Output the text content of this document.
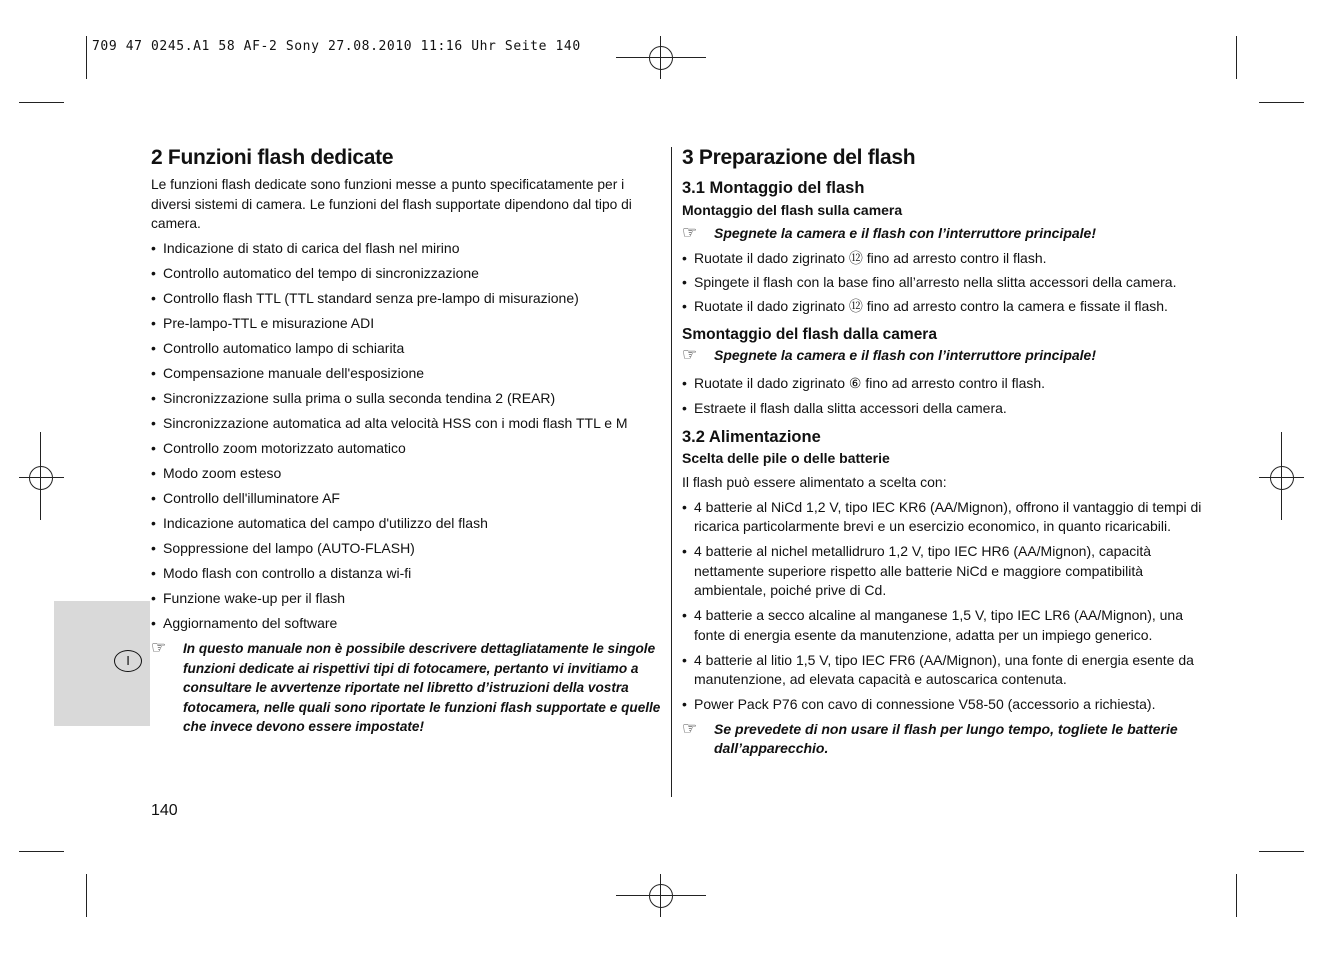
709 47 0245.A1 58 AF-2 Sony 27.08.2010 11:16 Uhr Seite 140
I
2 Funzioni flash dedicate

Le funzioni flash dedicate sono funzioni messe a punto specificatamente per i diversi sistemi di camera. Le funzioni del flash supportate dipendono dal tipo di camera.

• Indicazione di stato di carica del flash nel mirino
• Controllo automatico del tempo di sincronizzazione
• Controllo flash TTL (TTL standard senza pre-lampo di misurazione)
• Pre-lampo-TTL e misurazione ADI
• Controllo automatico lampo di schiarita
• Compensazione manuale dell'esposizione
• Sincronizzazione sulla prima o sulla seconda tendina 2 (REAR)
• Sincronizzazione automatica ad alta velocità HSS con i modi flash TTL e M
• Controllo zoom motorizzato automatico
• Modo zoom esteso
• Controllo dell'illuminatore AF
• Indicazione automatica del campo d'utilizzo del flash
• Soppressione del lampo (AUTO-FLASH)
• Modo flash con controllo a distanza wi-fi
• Funzione wake-up per il flash
• Aggiornamento del software
☞ In questo manuale non è possibile descrivere dettagliatamente le singole funzioni dedicate ai rispettivi tipi di fotocamere, pertanto vi invitiamo a consultare le avvertenze riportate nel libretto d’istruzioni della vostra fotocamera, nelle quali sono riportate le funzioni flash supportate e quelle che invece devono essere impostate!
3 Preparazione del flash
3.1 Montaggio del flash
Montaggio del flash sulla camera
☞ Spegnete la camera e il flash con l’interruttore principale!
• Ruotate il dado zigrinato ⑫ fino ad arresto contro il flash.
• Spingete il flash con la base fino all’arresto nella slitta accessori della camera.
• Ruotate il dado zigrinato ⑫ fino ad arresto contro la camera e fissate il flash.
Smontaggio del flash dalla camera
☞ Spegnete la camera e il flash con l’interruttore principale!
• Ruotate il dado zigrinato ⑥ fino ad arresto contro il flash.
• Estraete il flash dalla slitta accessori della camera.
3.2 Alimentazione
Scelta delle pile o delle batterie

Il flash può essere alimentato a scelta con:

• 4 batterie al NiCd 1,2 V, tipo IEC KR6 (AA/Mignon), offrono il vantaggio di tempi di ricarica particolarmente brevi e un esercizio economico, in quanto ricaricabili.
• 4 batterie al nichel metallidruro 1,2 V, tipo IEC HR6 (AA/Mignon), capacità nettamente superiore rispetto alle batterie NiCd e maggiore compatibilità ambientale, poiché prive di Cd.
• 4 batterie a secco alcaline al manganese 1,5 V, tipo IEC LR6 (AA/Mignon), una fonte di energia esente da manutenzione, adatta per un impiego generico.
• 4 batterie al litio 1,5 V, tipo IEC FR6 (AA/Mignon), una fonte di energia esente da manutenzione, ad elevata capacità e autoscarica contenuta.
• Power Pack P76 con cavo di connessione V58-50 (accessorio a richiesta).
☞ Se prevedete di non usare il flash per lungo tempo, togliete le batterie dall’apparecchio.
140
